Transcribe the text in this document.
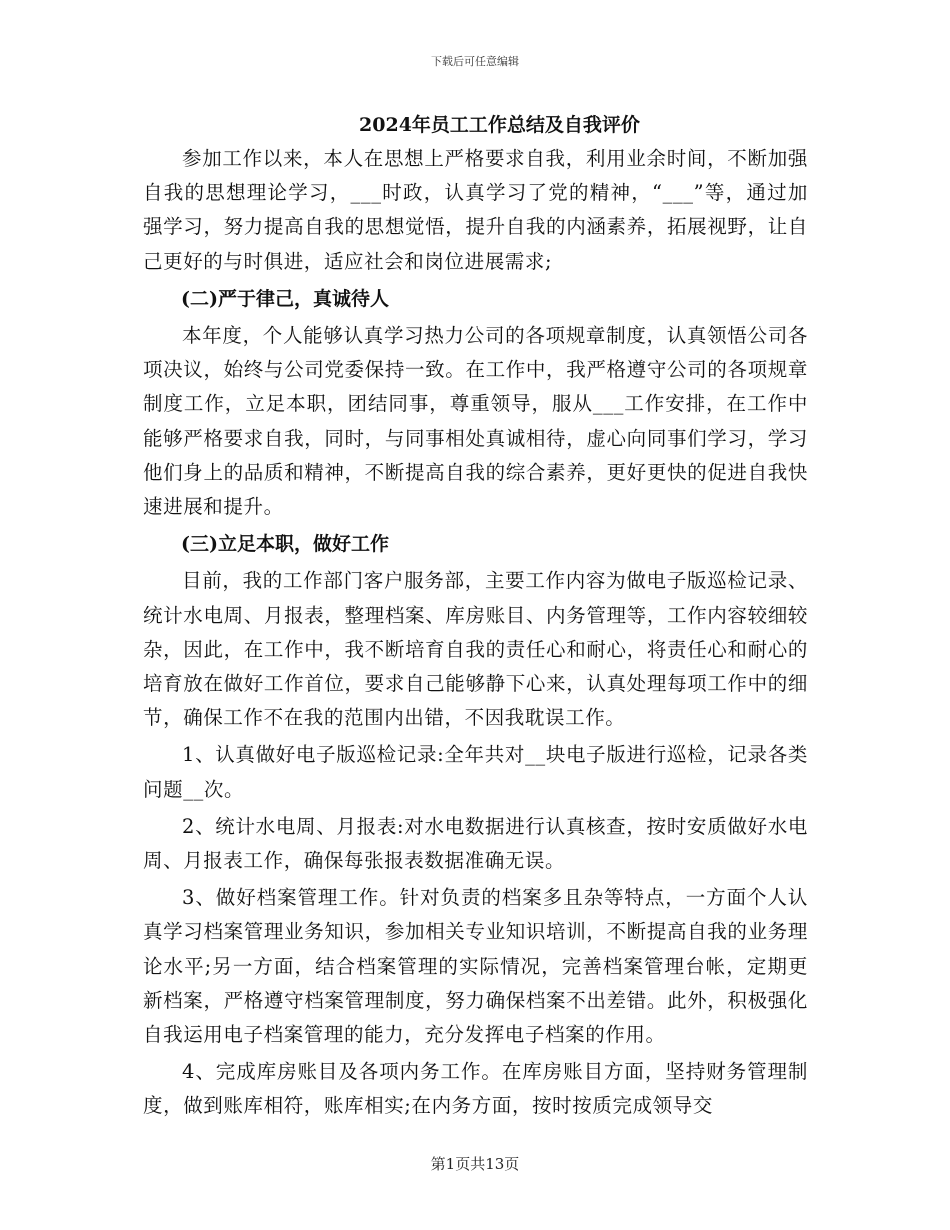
下载后可任意编辑
2024年员工工作总结及自我评价

参加工作以来，本人在思想上严格要求自我，利用业余时间，不断加强自我的思想理论学习，___时政，认真学习了党的精神，“___”等，通过加强学习，努力提高自我的思想觉悟，提升自我的内涵素养，拓展视野，让自己更好的与时俱进，适应社会和岗位进展需求;

(二)严于律己，真诚待人

本年度，个人能够认真学习热力公司的各项规章制度，认真领悟公司各项决议，始终与公司党委保持一致。在工作中，我严格遵守公司的各项规章制度工作，立足本职，团结同事，尊重领导，服从___工作安排，在工作中能够严格要求自我，同时，与同事相处真诚相待，虚心向同事们学习，学习他们身上的品质和精神，不断提高自我的综合素养，更好更快的促进自我快速进展和提升。

(三)立足本职，做好工作

目前，我的工作部门客户服务部，主要工作内容为做电子版巡检记录、统计水电周、月报表，整理档案、库房账目、内务管理等，工作内容较细较杂，因此，在工作中，我不断培育自我的责任心和耐心，将责任心和耐心的培育放在做好工作首位，要求自己能够静下心来，认真处理每项工作中的细节，确保工作不在我的范围内出错，不因我耽误工作。

1、认真做好电子版巡检记录:全年共对__块电子版进行巡检，记录各类问题__次。

2、统计水电周、月报表:对水电数据进行认真核查，按时安质做好水电周、月报表工作，确保每张报表数据准确无误。

3、做好档案管理工作。针对负责的档案多且杂等特点，一方面个人认真学习档案管理业务知识，参加相关专业知识培训，不断提高自我的业务理论水平;另一方面，结合档案管理的实际情况，完善档案管理台帐，定期更新档案，严格遵守档案管理制度，努力确保档案不出差错。此外，积极强化自我运用电子档案管理的能力，充分发挥电子档案的作用。

4、完成库房账目及各项内务工作。在库房账目方面，坚持财务管理制度，做到账库相符，账库相实;在内务方面，按时按质完成领导交

第1页共13页
